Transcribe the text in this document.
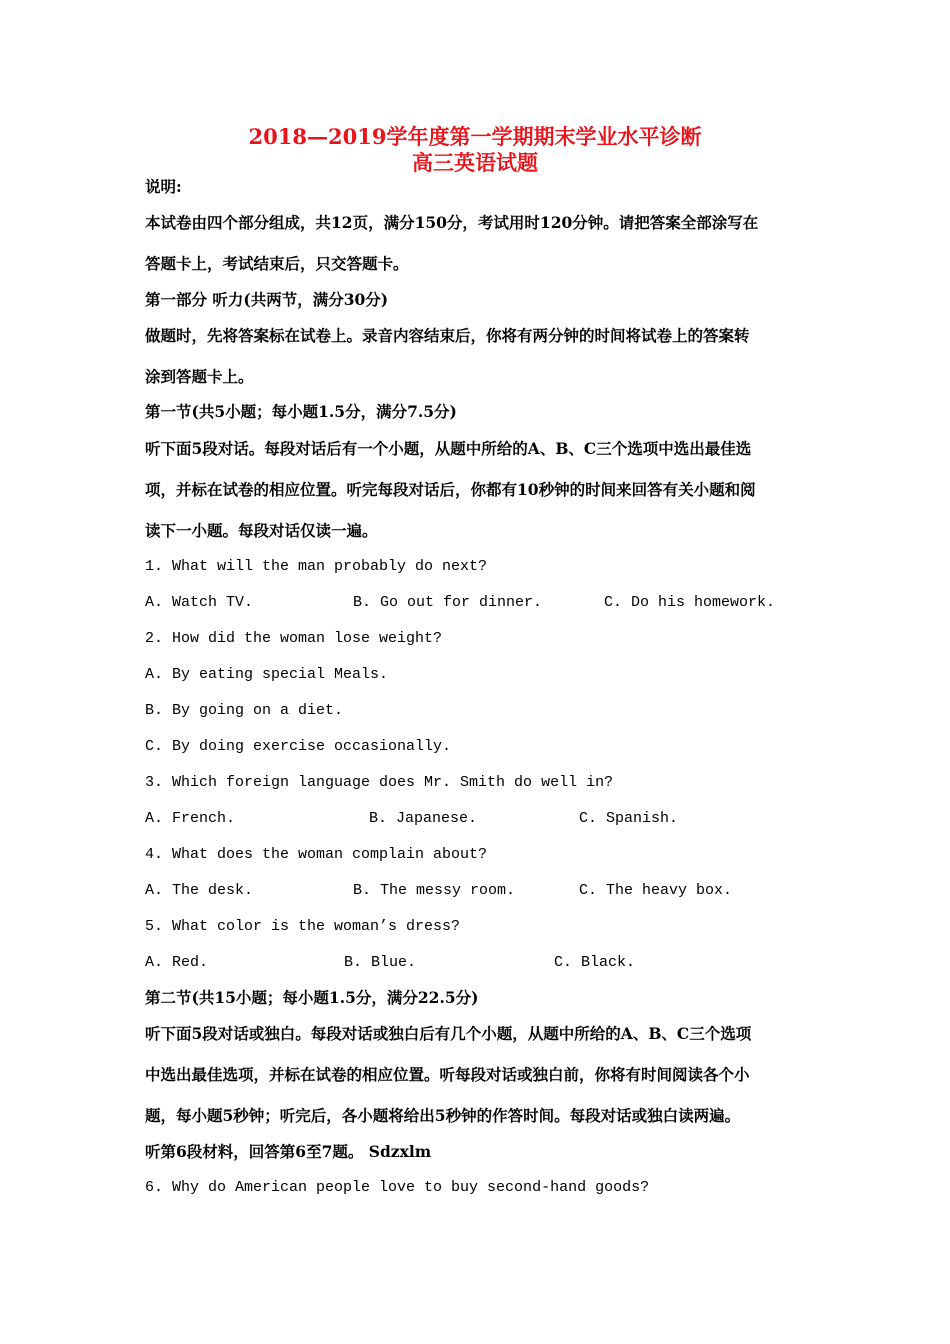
2018—2019学年度第一学期期末学业水平诊断
高三英语试题
说明:
本试卷由四个部分组成，共12页，满分150分，考试用时120分钟。请把答案全部涂写在
答题卡上，考试结束后，只交答题卡。
第一部分 听力(共两节，满分30分)
做题时，先将答案标在试卷上。录音内容结束后，你将有两分钟的时间将试卷上的答案转
涂到答题卡上。
第一节(共5小题；每小题1.5分，满分7.5分)
听下面5段对话。每段对话后有一个小题，从题中所给的A、B、C三个选项中选出最佳选
项，并标在试卷的相应位置。听完每段对话后，你都有10秒钟的时间来回答有关小题和阅
读下一小题。每段对话仅读一遍。
1. What will the man probably do next?
A. Watch TV.	B. Go out for dinner.	C. Do his homework.
2. How did the woman lose weight?
A. By eating special Meals.
B. By going on a diet.
C. By doing exercise occasionally.
3. Which foreign language does Mr. Smith do well in?
A. French.	B. Japanese.	C. Spanish.
4. What does the woman complain about?
A. The desk.	B. The messy room.	C. The heavy box.
5. What color is the woman’s dress?
A. Red.	B. Blue.	C. Black.
第二节(共15小题；每小题1.5分，满分22.5分)
听下面5段对话或独白。每段对话或独白后有几个小题，从题中所给的A、B、C三个选项
中选出最佳选项，并标在试卷的相应位置。听每段对话或独白前，你将有时间阅读各个小
题，每小题5秒钟；听完后，各小题将给出5秒钟的作答时间。每段对话或独白读两遍。
听第6段材料，回答第6至7题。 Sdzxlm
6. Why do American people love to buy second-hand goods?
